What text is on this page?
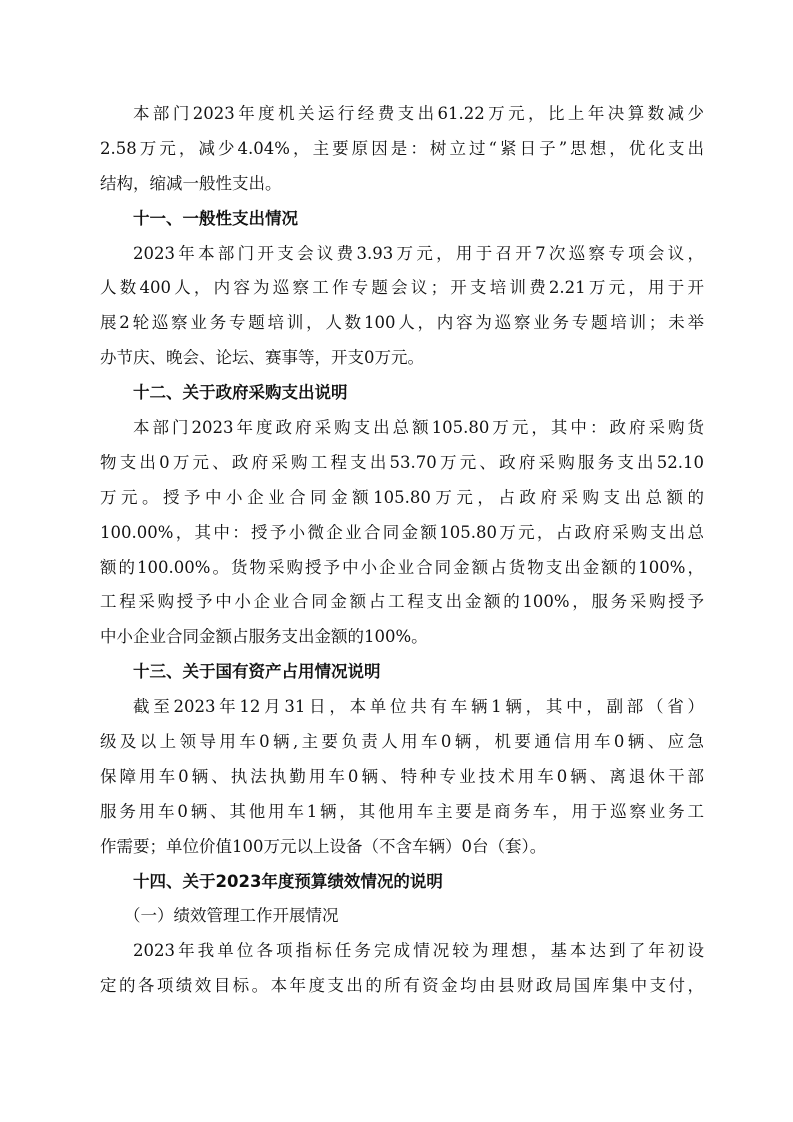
本部门2023年度机关运行经费支出61.22万元，比上年决算数减少
2.58万元，减少4.04%，主要原因是：树立过“紧日子”思想，优化支出
结构，缩减一般性支出。
十一、一般性支出情况
2023年本部门开支会议费3.93万元，用于召开7次巡察专项会议，
人数400人，内容为巡察工作专题会议；开支培训费2.21万元，用于开
展2轮巡察业务专题培训，人数100人，内容为巡察业务专题培训；未举
办节庆、晚会、论坛、赛事等，开支0万元。
十二、关于政府采购支出说明
本部门2023年度政府采购支出总额105.80万元，其中：政府采购货
物支出0万元、政府采购工程支出53.70万元、政府采购服务支出52.10
万元。授予中小企业合同金额105.80万元，占政府采购支出总额的
100.00%，其中：授予小微企业合同金额105.80万元，占政府采购支出总
额的100.00%。货物采购授予中小企业合同金额占货物支出金额的100%，
工程采购授予中小企业合同金额占工程支出金额的100%，服务采购授予
中小企业合同金额占服务支出金额的100%。
十三、关于国有资产占用情况说明
截至2023年12月31日，本单位共有车辆1辆，其中，副部（省）
级及以上领导用车0辆,主要负责人用车0辆，机要通信用车0辆、应急
保障用车0辆、执法执勤用车0辆、特种专业技术用车0辆、离退休干部
服务用车0辆、其他用车1辆，其他用车主要是商务车，用于巡察业务工
作需要；单位价值100万元以上设备（不含车辆）0台（套）。
十四、关于2023年度预算绩效情况的说明
（一）绩效管理工作开展情况
2023年我单位各项指标任务完成情况较为理想，基本达到了年初设
定的各项绩效目标。本年度支出的所有资金均由县财政局国库集中支付，
